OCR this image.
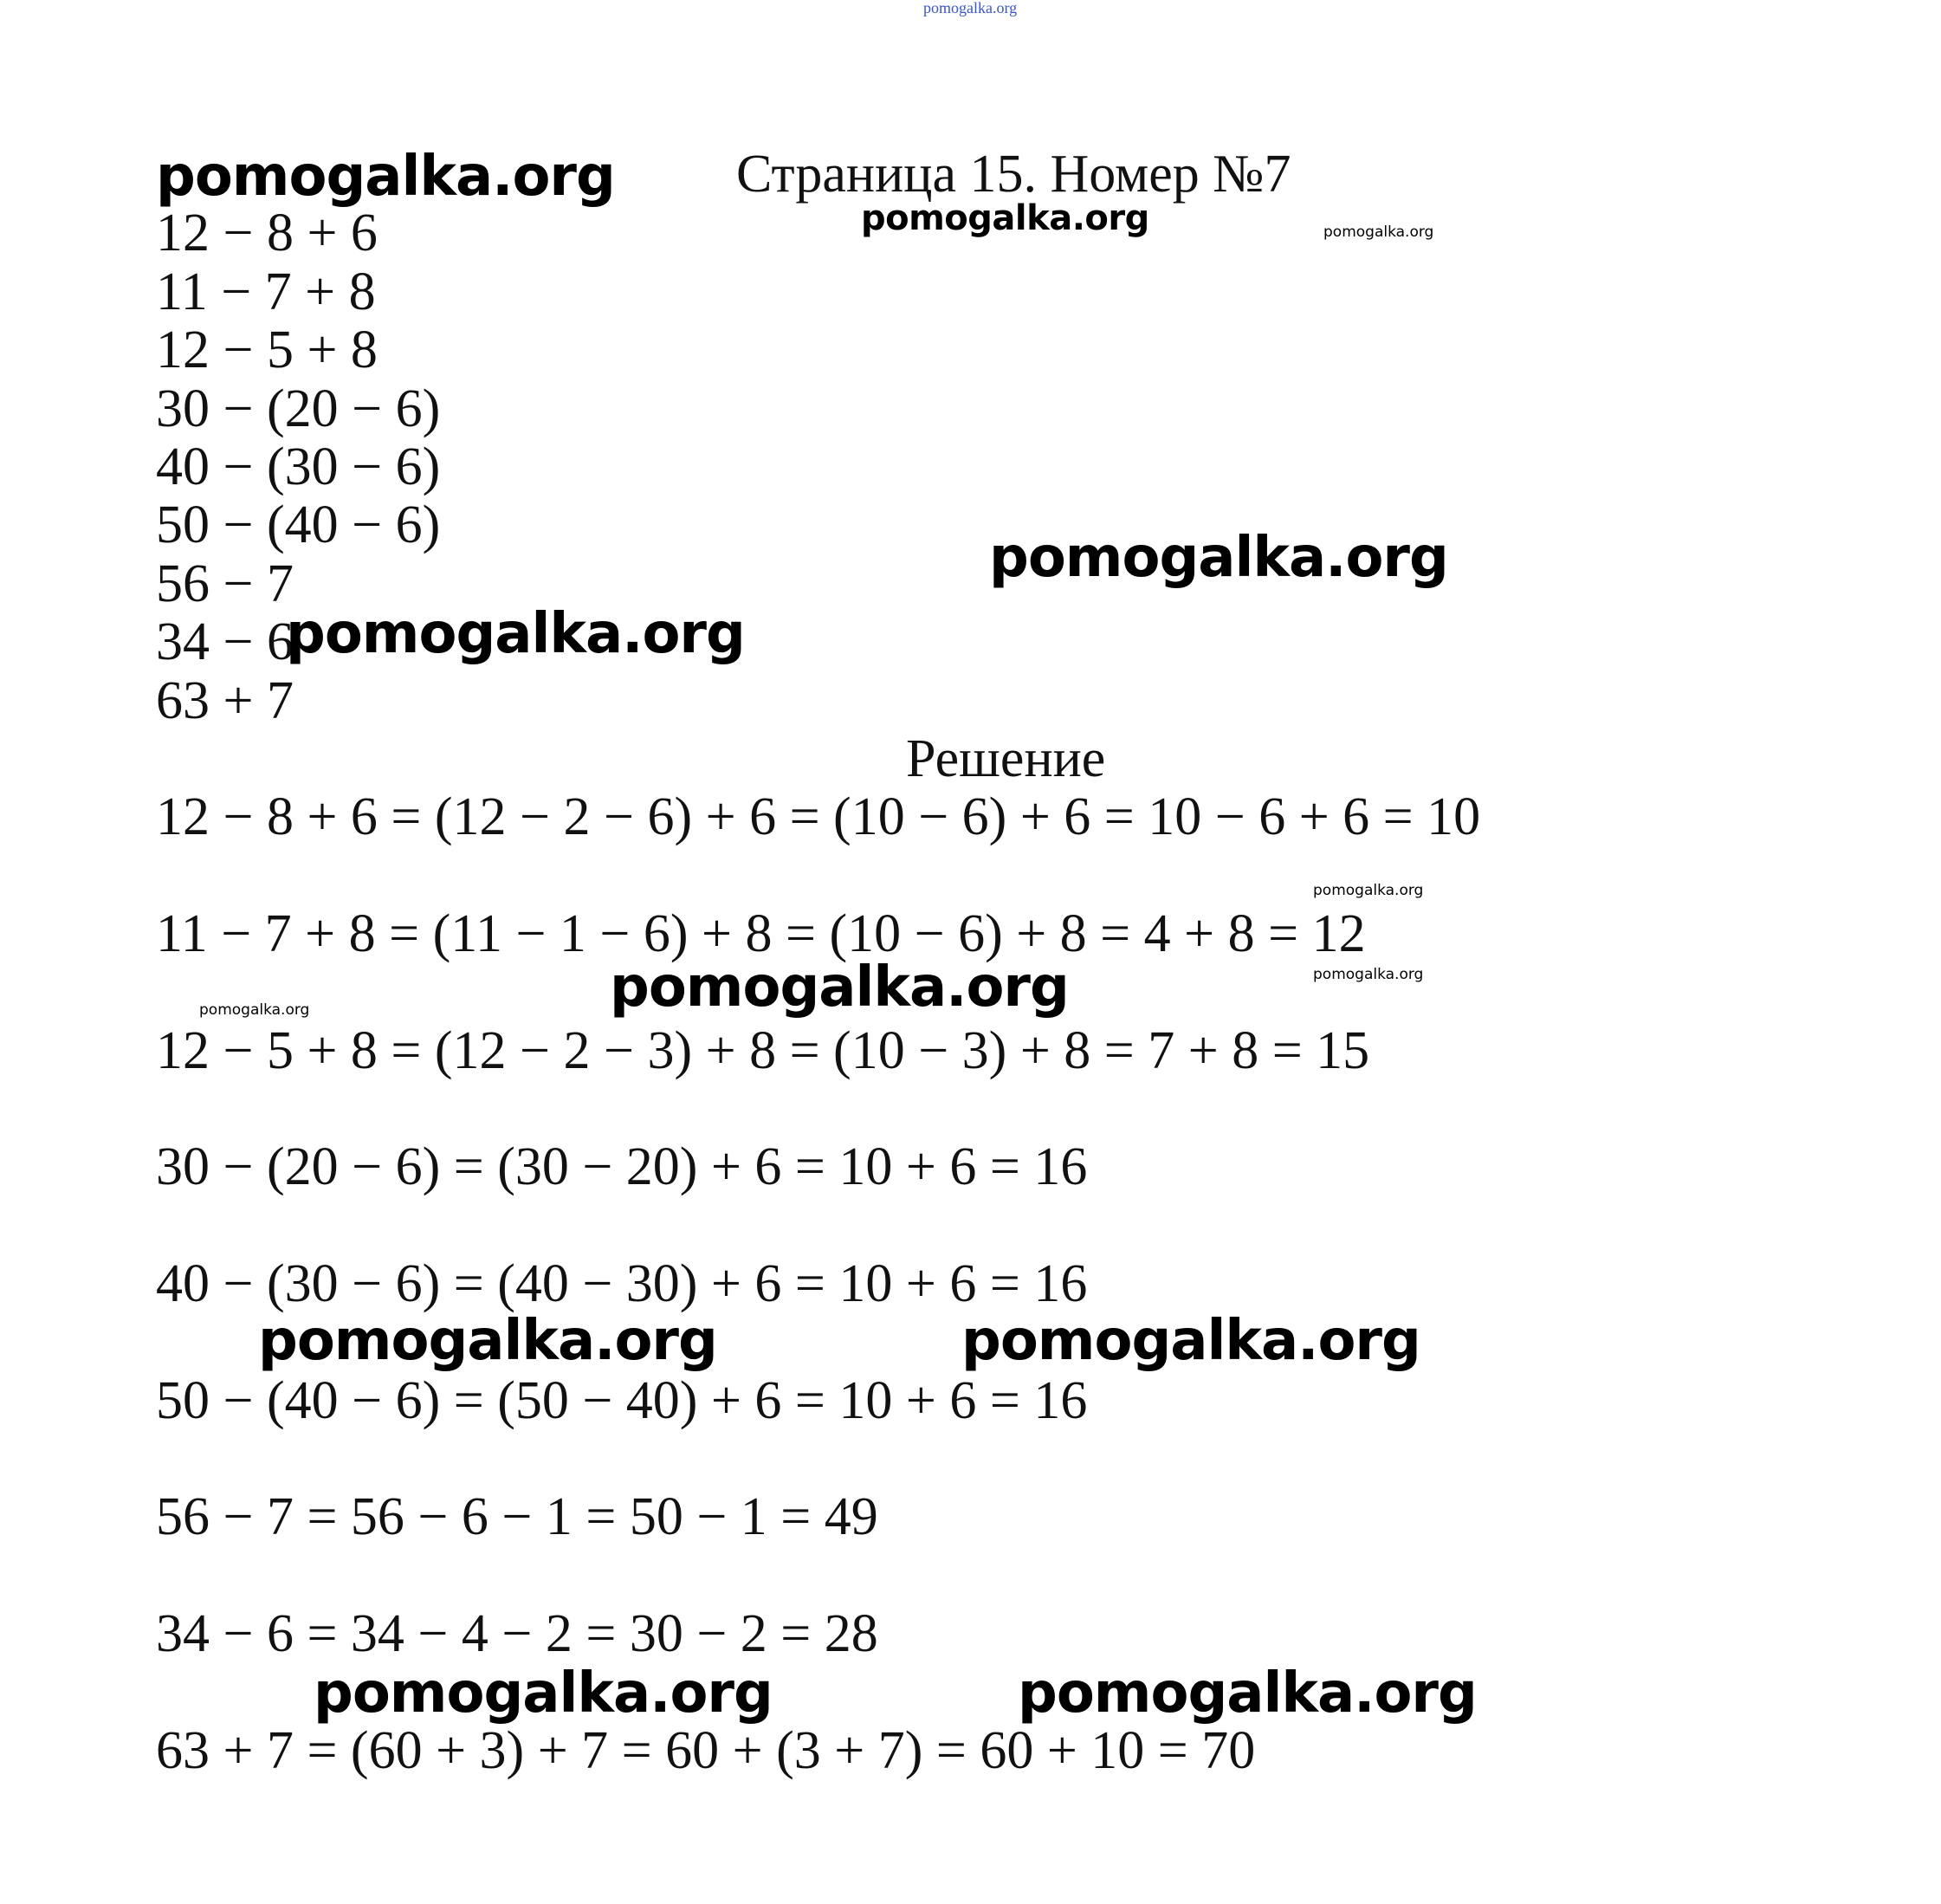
pomogalka.org
Страница 15. Номер №7
12 − 8 + 6
11 − 7 + 8
12 − 5 + 8
30 − (20 − 6)
40 − (30 − 6)
50 − (40 − 6)
56 − 7
34 − 6
63 + 7
Решение
12 − 8 + 6 = (12 − 2 − 6) + 6 = (10 − 6) + 6 = 10 − 6 + 6 = 10
11 − 7 + 8 = (11 − 1 − 6) + 8 = (10 − 6) + 8 = 4 + 8 = 12
12 − 5 + 8 = (12 − 2 − 3) + 8 = (10 − 3) + 8 = 7 + 8 = 15
30 − (20 − 6) = (30 − 20) + 6 = 10 + 6 = 16
40 − (30 − 6) = (40 − 30) + 6 = 10 + 6 = 16
50 − (40 − 6) = (50 − 40) + 6 = 10 + 6 = 16
56 − 7 = 56 − 6 − 1 = 50 − 1 = 49
34 − 6 = 34 − 4 − 2 = 30 − 2 = 28
63 + 7 = (60 + 3) + 7 = 60 + (3 + 7) = 60 + 10 = 70
pomogalka.org
pomogalka.org	pomogalka.org
pomogalka.org
pomogalka.org
pomogalka.org
pomogalka.org	pomogalka.org
pomogalka.org
pomogalka.org	pomogalka.org
pomogalka.org	pomogalka.org
